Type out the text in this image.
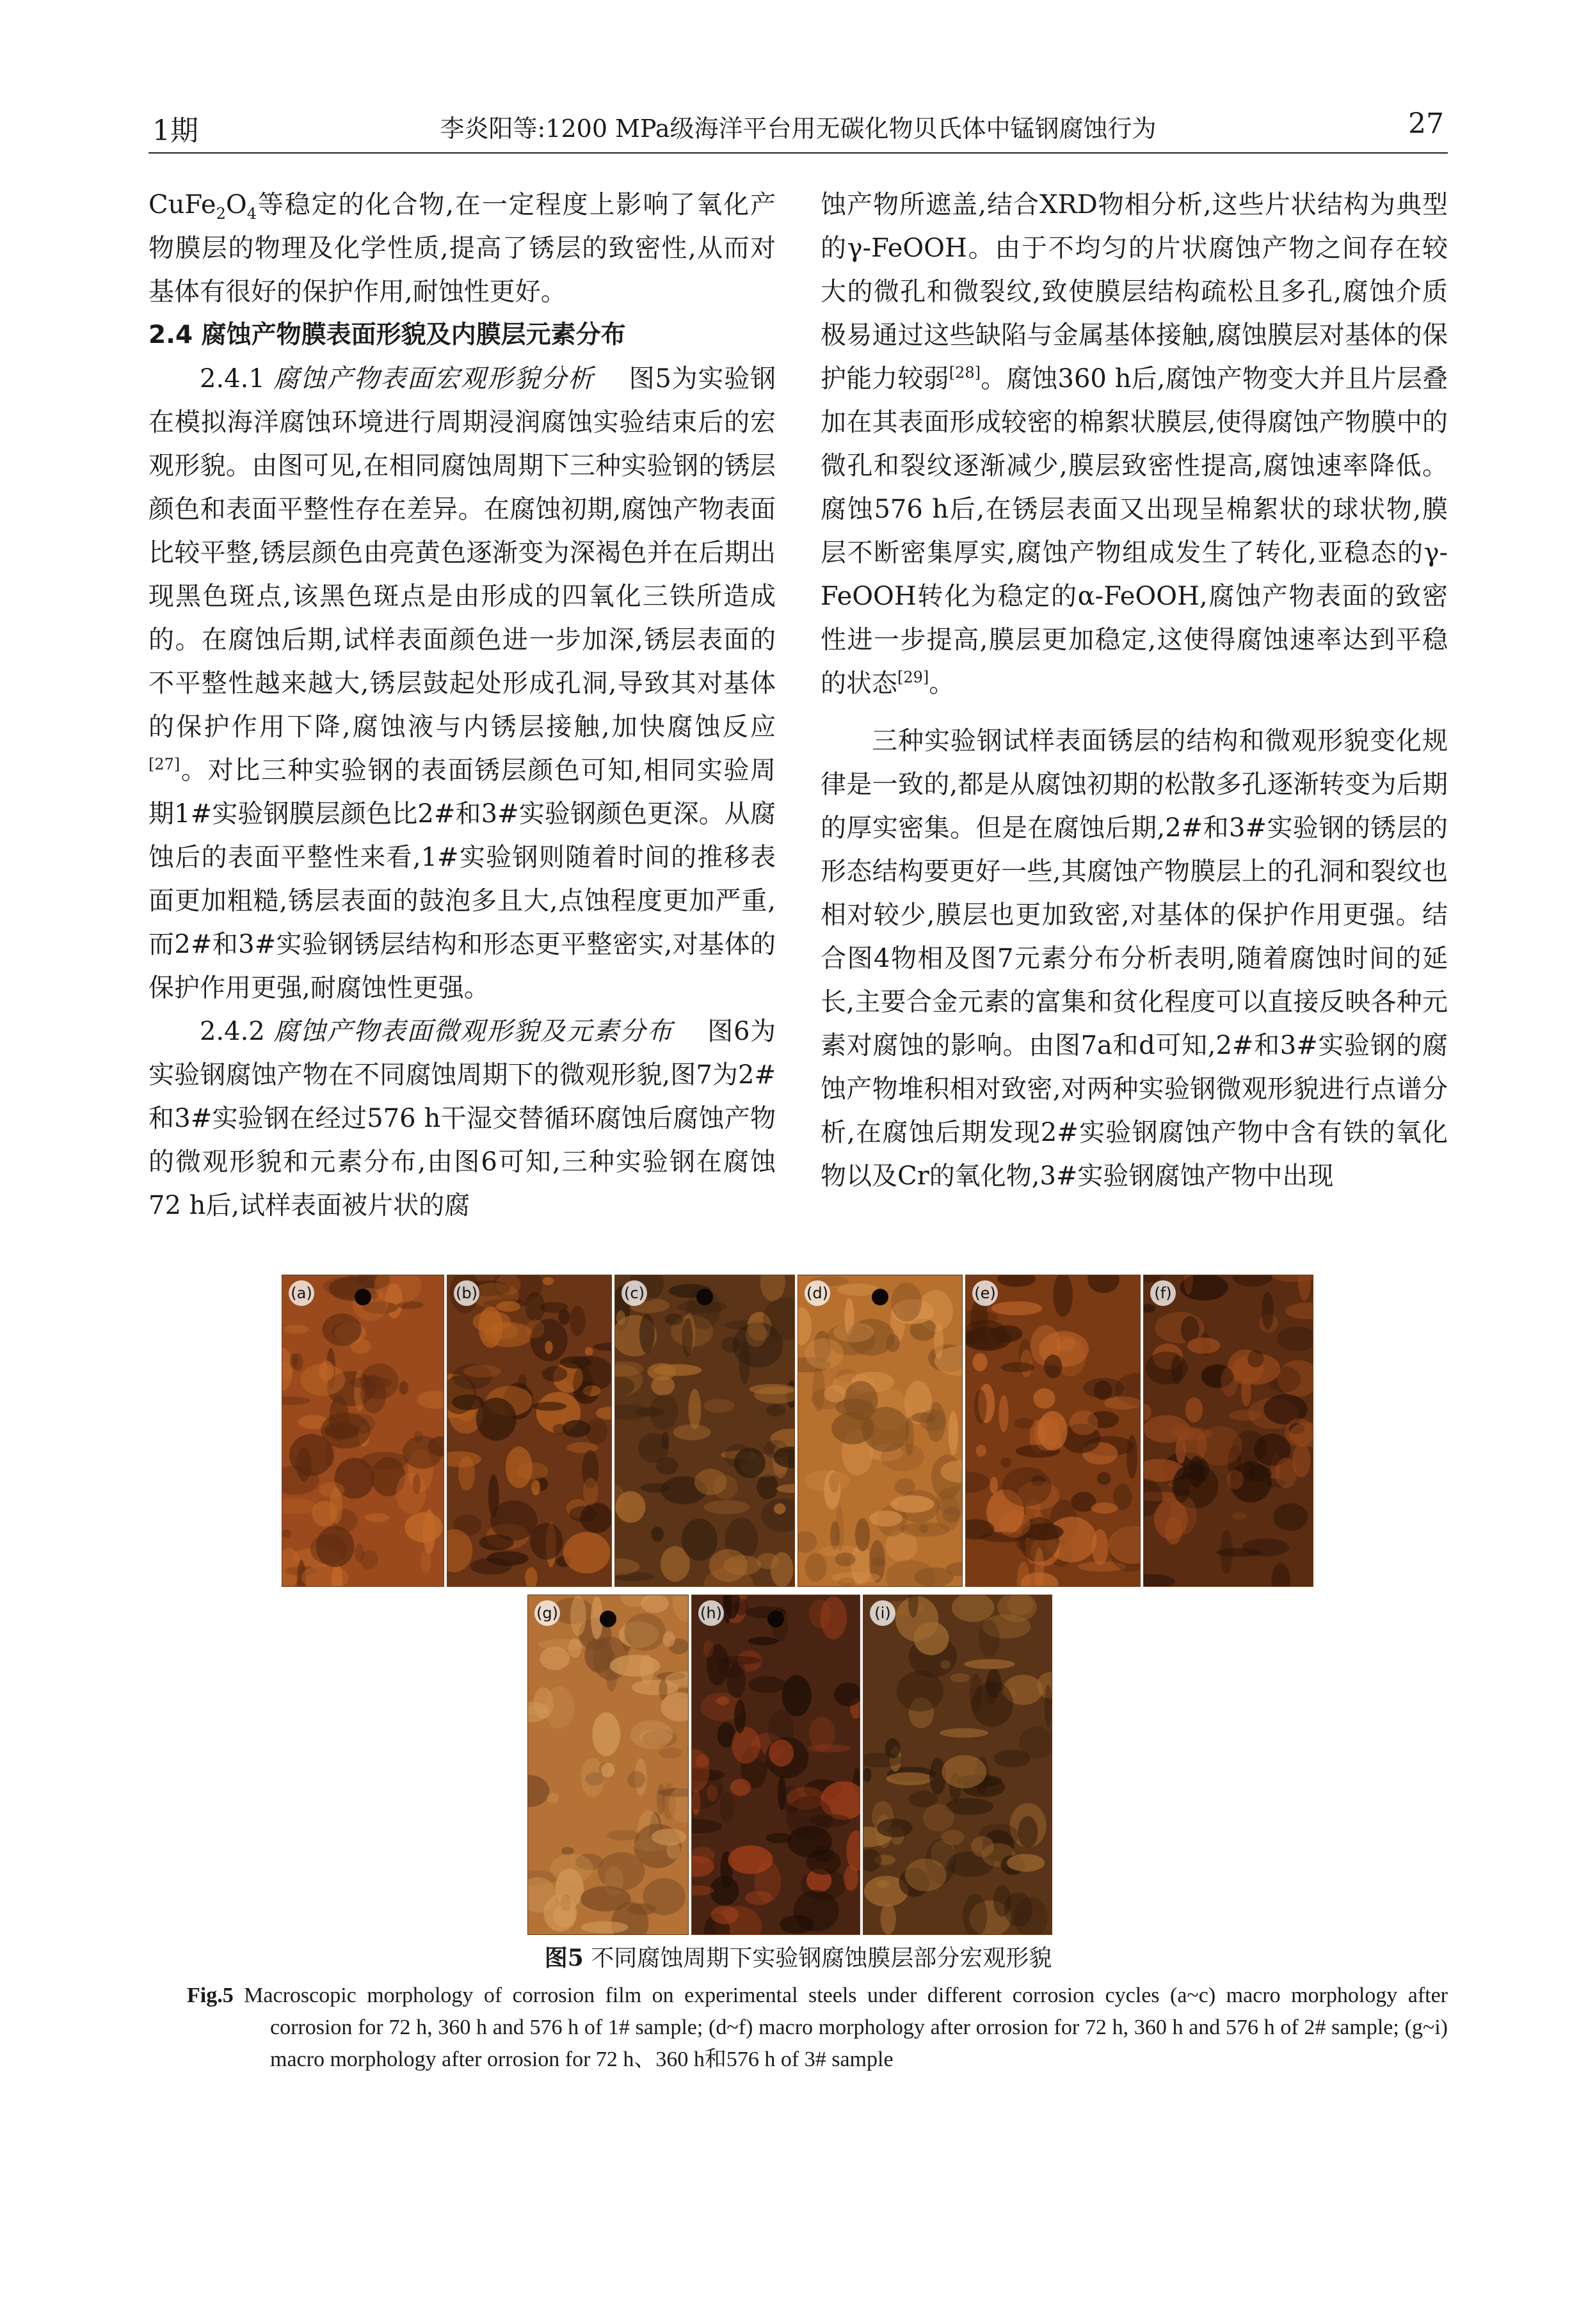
1期	李炎阳等:1200 MPa级海洋平台用无碳化物贝氏体中锰钢腐蚀行为	27

$CuFe_2O_4$等稳定的化合物,在一定程度上影响了氧化产物膜层的物理及化学性质,提高了锈层的致密性,从而对基体有很好的保护作用,耐蚀性更好。

2.4 腐蚀产物膜表面形貌及内膜层元素分布

2.4.1 腐蚀产物表面宏观形貌分析 图5为实验钢在模拟海洋腐蚀环境进行周期浸润腐蚀实验结束后的宏观形貌。由图可见,在相同腐蚀周期下三种实验钢的锈层颜色和表面平整性存在差异。在腐蚀初期,腐蚀产物表面比较平整,锈层颜色由亮黄色逐渐变为深褐色并在后期出现黑色斑点,该黑色斑点是由形成的四氧化三铁所造成的。在腐蚀后期,试样表面颜色进一步加深,锈层表面的不平整性越来越大,锈层鼓起处形成孔洞,导致其对基体的保护作用下降,腐蚀液与内锈层接触,加快腐蚀反应[27]。对比三种实验钢的表面锈层颜色可知,相同实验周期1#实验钢膜层颜色比2#和3#实验钢颜色更深。从腐蚀后的表面平整性来看,1#实验钢则随着时间的推移表面更加粗糙,锈层表面的鼓泡多且大,点蚀程度更加严重,而2#和3#实验钢锈层结构和形态更平整密实,对基体的保护作用更强,耐腐蚀性更强。

2.4.2 腐蚀产物表面微观形貌及元素分布 图6为实验钢腐蚀产物在不同腐蚀周期下的微观形貌,图7为2#和3#实验钢在经过576 h干湿交替循环腐蚀后腐蚀产物的微观形貌和元素分布,由图6可知,三种实验钢在腐蚀72 h后,试样表面被片状的腐

蚀产物所遮盖,结合XRD物相分析,这些片状结构为典型的γ-FeOOH。由于不均匀的片状腐蚀产物之间存在较大的微孔和微裂纹,致使膜层结构疏松且多孔,腐蚀介质极易通过这些缺陷与金属基体接触,腐蚀膜层对基体的保护能力较弱[28]。腐蚀360 h后,腐蚀产物变大并且片层叠加在其表面形成较密的棉絮状膜层,使得腐蚀产物膜中的微孔和裂纹逐渐减少,膜层致密性提高,腐蚀速率降低。腐蚀576 h后,在锈层表面又出现呈棉絮状的球状物,膜层不断密集厚实,腐蚀产物组成发生了转化,亚稳态的γ-FeOOH转化为稳定的α-FeOOH,腐蚀产物表面的致密性进一步提高,膜层更加稳定,这使得腐蚀速率达到平稳的状态[29]。

三种实验钢试样表面锈层的结构和微观形貌变化规律是一致的,都是从腐蚀初期的松散多孔逐渐转变为后期的厚实密集。但是在腐蚀后期,2#和3#实验钢的锈层的形态结构要更好一些,其腐蚀产物膜层上的孔洞和裂纹也相对较少,膜层也更加致密,对基体的保护作用更强。结合图4物相及图7元素分布分析表明,随着腐蚀时间的延长,主要合金元素的富集和贫化程度可以直接反映各种元素对腐蚀的影响。由图7a和d可知,2#和3#实验钢的腐蚀产物堆积相对致密,对两种实验钢微观形貌进行点谱分析,在腐蚀后期发现2#实验钢腐蚀产物中含有铁的氧化物以及Cr的氧化物,3#实验钢腐蚀产物中出现

(a)	(b)	(c)	(d)	(e)	(f)
(g)	(h)	(i)

图5 不同腐蚀周期下实验钢腐蚀膜层部分宏观形貌

Fig.5 Macroscopic morphology of corrosion film on experimental steels under different corrosion cycles (a~c) macro morphology after corrosion for 72 h, 360 h and 576 h of 1# sample; (d~f) macro morphology after orrosion for 72 h, 360 h and 576 h of 2# sample; (g~i) macro morphology after orrosion for 72 h、360 h和576 h of 3# sample
